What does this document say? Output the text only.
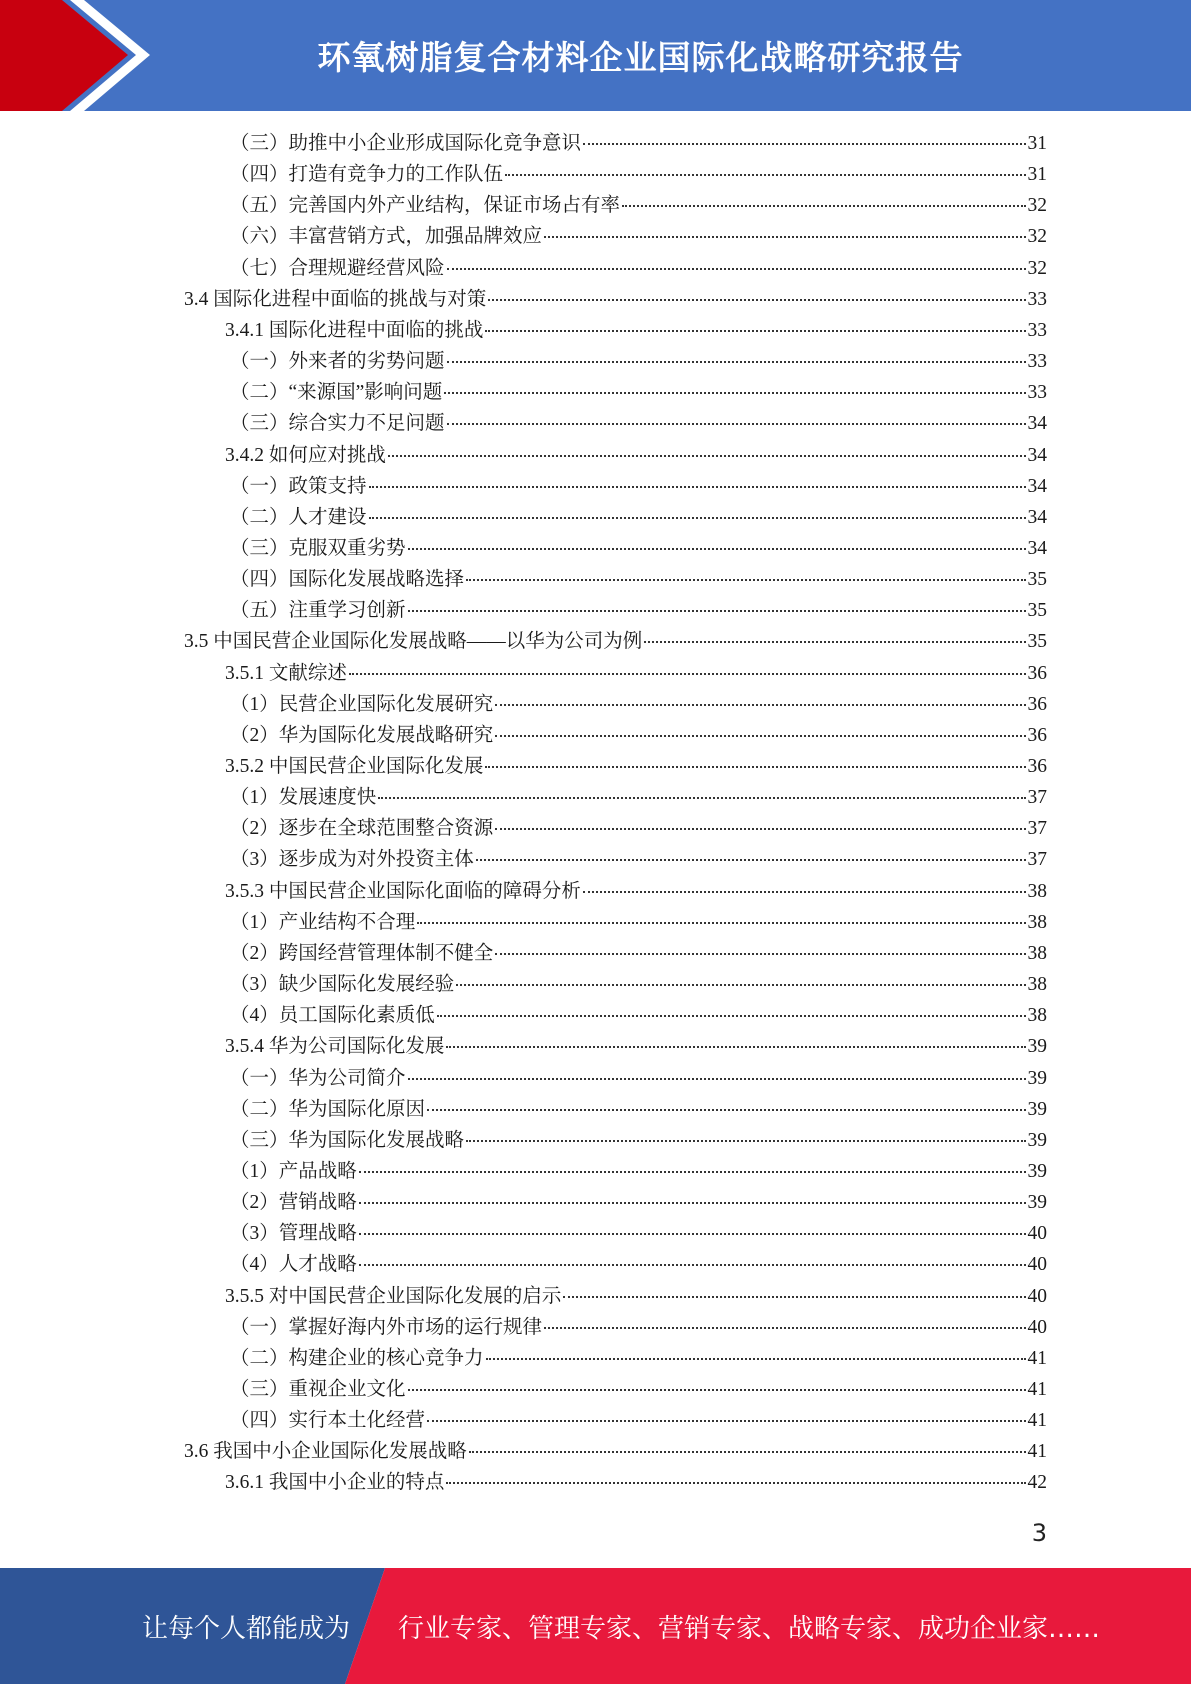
环氧树脂复合材料企业国际化战略研究报告
（三）助推中小企业形成国际化竞争意识	31
（四）打造有竞争力的工作队伍	31
（五）完善国内外产业结构，保证市场占有率	32
（六）丰富营销方式，加强品牌效应	32
（七）合理规避经营风险	32
3.4 国际化进程中面临的挑战与对策	33
3.4.1 国际化进程中面临的挑战	33
（一）外来者的劣势问题	33
（二）“来源国”影响问题	33
（三）综合实力不足问题	34
3.4.2 如何应对挑战	34
（一）政策支持	34
（二）人才建设	34
（三）克服双重劣势	34
（四）国际化发展战略选择	35
（五）注重学习创新	35
3.5 中国民营企业国际化发展战略——以华为公司为例	35
3.5.1 文献综述	36
（1）民营企业国际化发展研究	36
（2）华为国际化发展战略研究	36
3.5.2 中国民营企业国际化发展	36
（1）发展速度快	37
（2）逐步在全球范围整合资源	37
（3）逐步成为对外投资主体	37
3.5.3 中国民营企业国际化面临的障碍分析	38
（1）产业结构不合理	38
（2）跨国经营管理体制不健全	38
（3）缺少国际化发展经验	38
（4）员工国际化素质低	38
3.5.4 华为公司国际化发展	39
（一）华为公司简介	39
（二）华为国际化原因	39
（三）华为国际化发展战略	39
（1）产品战略	39
（2）营销战略	39
（3）管理战略	40
（4）人才战略	40
3.5.5 对中国民营企业国际化发展的启示	40
（一）掌握好海内外市场的运行规律	40
（二）构建企业的核心竞争力	41
（三）重视企业文化	41
（四）实行本土化经营	41
3.6 我国中小企业国际化发展战略	41
3.6.1 我国中小企业的特点	42
3
让每个人都能成为 行业专家、管理专家、营销专家、战略专家、成功企业家……
